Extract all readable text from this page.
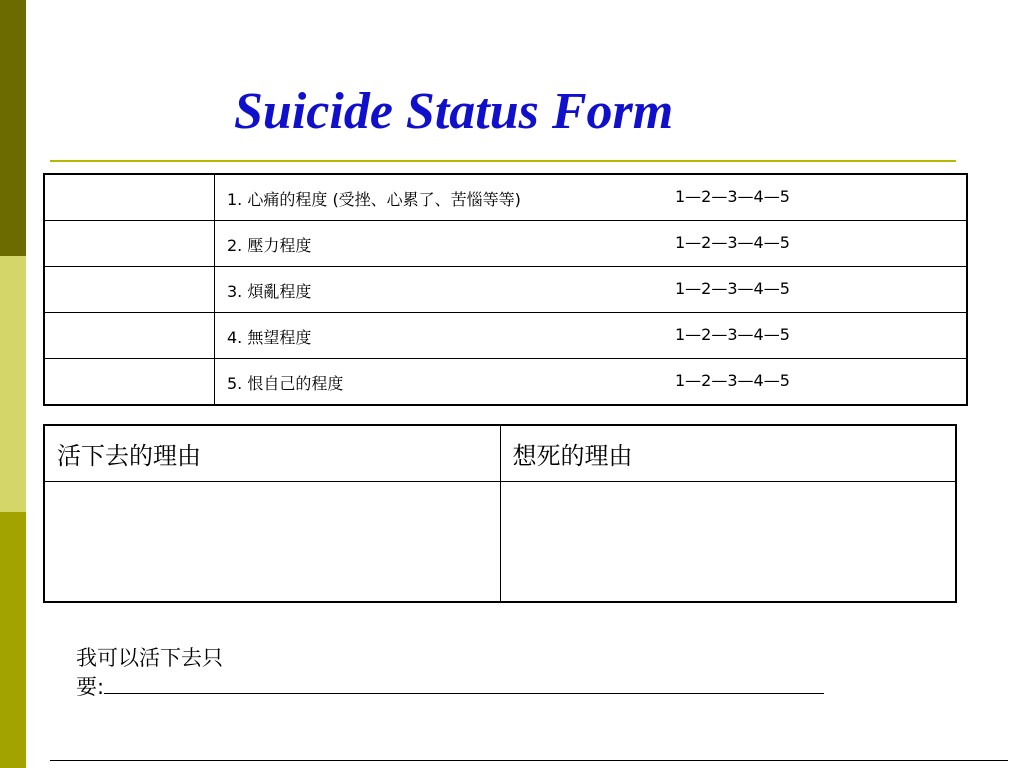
Suicide Status Form

	1. 心痛的程度 (受挫、心累了、苦惱等等) 1—2—3—4—5

	2. 壓力程度 1—2—3—4—5

	3. 煩亂程度 1—2—3—4—5

	4. 無望程度 1—2—3—4—5

	5. 恨自己的程度 1—2—3—4—5
活下去的理由	想死的理由

我可以活下去只
要:
